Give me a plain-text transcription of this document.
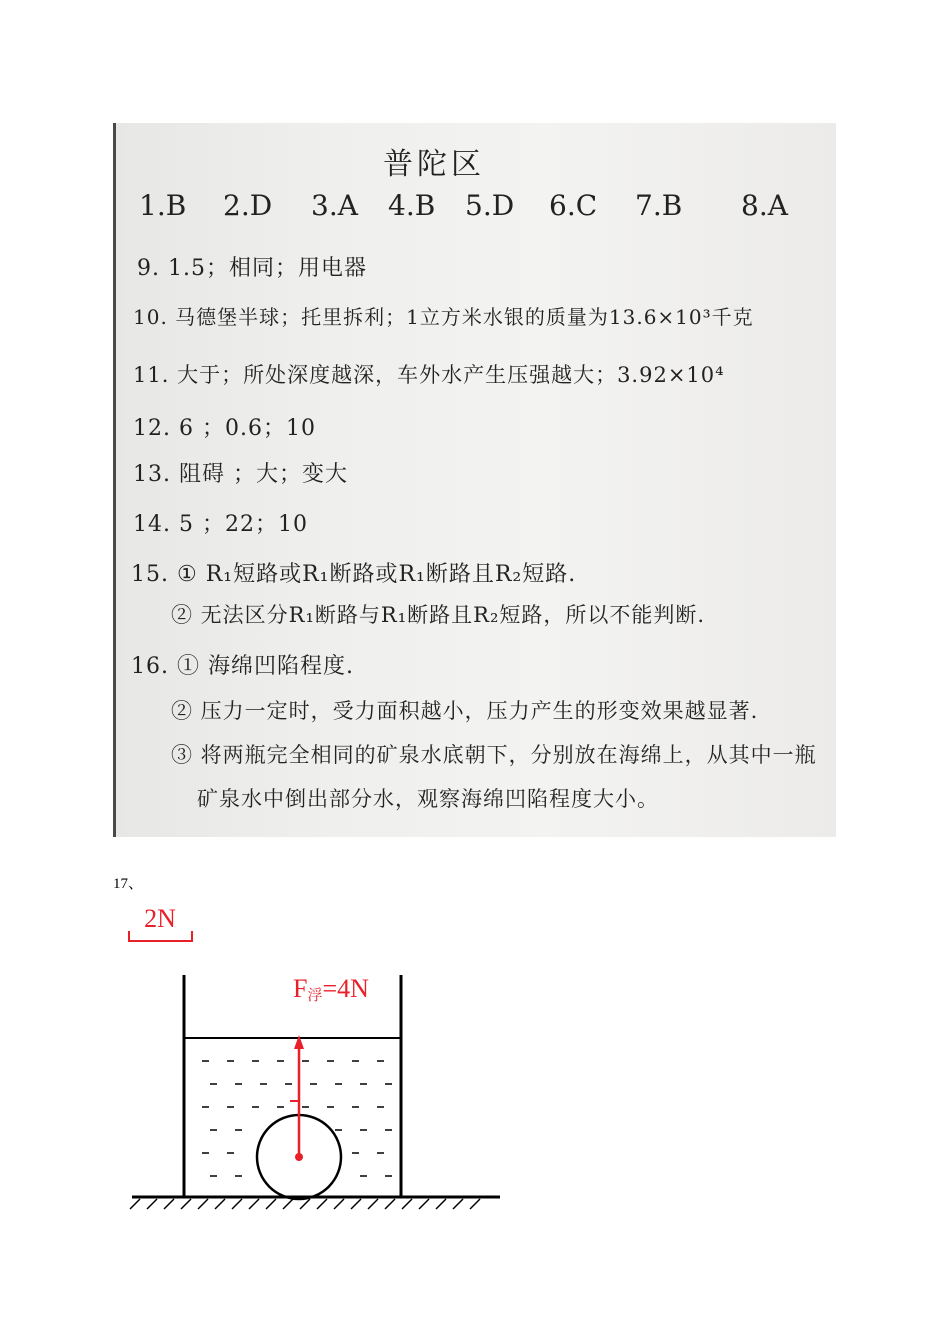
普陀区
1.B 2.D 3.A 4.B 5.D 6.C 7.B 8.A
9. 1.5；相同；用电器
10. 马德堡半球；托里拆利；1立方米水银的质量为13.6×10³千克
11. 大于；所处深度越深，车外水产生压强越大；3.92×10⁴
12. 6 ；0.6；10
13. 阻碍 ；大；变大
14. 5 ；22；10
15. ① R₁短路或R₁断路或R₁断路且R₂短路.
② 无法区分R₁断路与R₁断路且R₂短路，所以不能判断.
16. ① 海绵凹陷程度.
② 压力一定时，受力面积越小，压力产生的形变效果越显著.
③ 将两瓶完全相同的矿泉水底朝下，分别放在海绵上，从其中一瓶
矿泉水中倒出部分水，观察海绵凹陷程度大小。
17、
2N
F浮=4N
